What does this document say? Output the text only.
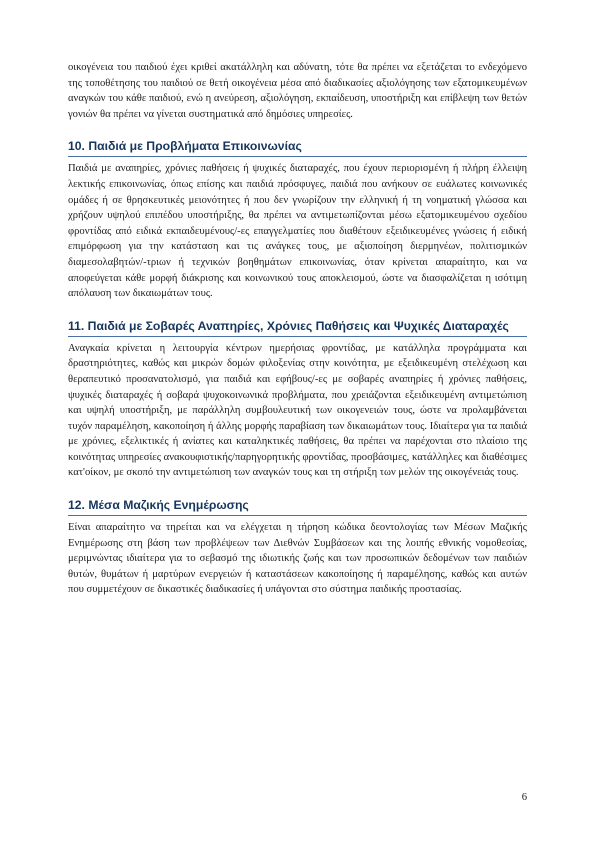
οικογένεια του παιδιού έχει κριθεί ακατάλληλη και αδύνατη, τότε θα πρέπει να εξετάζεται το ενδεχόμενο της τοποθέτησης του παιδιού σε θετή οικογένεια μέσα από διαδικασίες αξιολόγησης των εξατομικευμένων αναγκών του κάθε παιδιού, ενώ η ανεύρεση, αξιολόγηση, εκπαίδευση, υποστήριξη και επίβλεψη των θετών γονιών θα πρέπει να γίνεται συστηματικά από δημόσιες υπηρεσίες.

10. Παιδιά με Προβλήματα Επικοινωνίας

Παιδιά με αναπηρίες, χρόνιες παθήσεις ή ψυχικές διαταραχές, που έχουν περιορισμένη ή πλήρη έλλειψη λεκτικής επικοινωνίας, όπως επίσης και παιδιά πρόσφυγες, παιδιά που ανήκουν σε ευάλωτες κοινωνικές ομάδες ή σε θρησκευτικές μειονότητες ή που δεν γνωρίζουν την ελληνική ή τη νοηματική γλώσσα και χρήζουν υψηλού επιπέδου υποστήριξης, θα πρέπει να αντιμετωπίζονται μέσω εξατομικευμένου σχεδίου φροντίδας από ειδικά εκπαιδευμένους/-ες επαγγελματίες που διαθέτουν εξειδικευμένες γνώσεις ή ειδική επιμόρφωση για την κατάσταση και τις ανάγκες τους, με αξιοποίηση διερμηνέων, πολιτισμικών διαμεσολαβητών/-τριων ή τεχνικών βοηθημάτων επικοινωνίας, όταν κρίνεται απαραίτητο, και να αποφεύγεται κάθε μορφή διάκρισης και κοινωνικού τους αποκλεισμού, ώστε να διασφαλίζεται η ισότιμη απόλαυση των δικαιωμάτων τους.

11. Παιδιά με Σοβαρές Αναπηρίες, Χρόνιες Παθήσεις και Ψυχικές Διαταραχές

Αναγκαία κρίνεται η λειτουργία κέντρων ημερήσιας φροντίδας, με κατάλληλα προγράμματα και δραστηριότητες, καθώς και μικρών δομών φιλοξενίας στην κοινότητα, με εξειδικευμένη στελέχωση και θεραπευτικό προσανατολισμό, για παιδιά και εφήβους/-ες με σοβαρές αναπηρίες ή χρόνιες παθήσεις, ψυχικές διαταραχές ή σοβαρά ψυχοκοινωνικά προβλήματα, που χρειάζονται εξειδικευμένη αντιμετώπιση και υψηλή υποστήριξη, με παράλληλη συμβουλευτική των οικογενειών τους, ώστε να προλαμβάνεται τυχόν παραμέληση, κακοποίηση ή άλλης μορφής παραβίαση των δικαιωμάτων τους. Ιδιαίτερα για τα παιδιά με χρόνιες, εξελικτικές ή ανίατες και καταληκτικές παθήσεις, θα πρέπει να παρέχονται στο πλαίσιο της κοινότητας υπηρεσίες ανακουφιστικής/παρηγορητικής φροντίδας, προσβάσιμες, κατάλληλες και διαθέσιμες κατ'οίκον, με σκοπό την αντιμετώπιση των αναγκών τους και τη στήριξη των μελών της οικογένειάς τους.

12. Μέσα Μαζικής Ενημέρωσης

Είναι απαραίτητο να τηρείται και να ελέγχεται η τήρηση κώδικα δεοντολογίας των Μέσων Μαζικής Ενημέρωσης στη βάση των προβλέψεων των Διεθνών Συμβάσεων και της λοιπής εθνικής νομοθεσίας, μεριμνώντας ιδιαίτερα για το σεβασμό της ιδιωτικής ζωής και των προσωπικών δεδομένων των παιδιών θυτών, θυμάτων ή μαρτύρων ενεργειών ή καταστάσεων κακοποίησης ή παραμέλησης, καθώς και αυτών που συμμετέχουν σε δικαστικές διαδικασίες ή υπάγονται στο σύστημα παιδικής προστασίας.

6
